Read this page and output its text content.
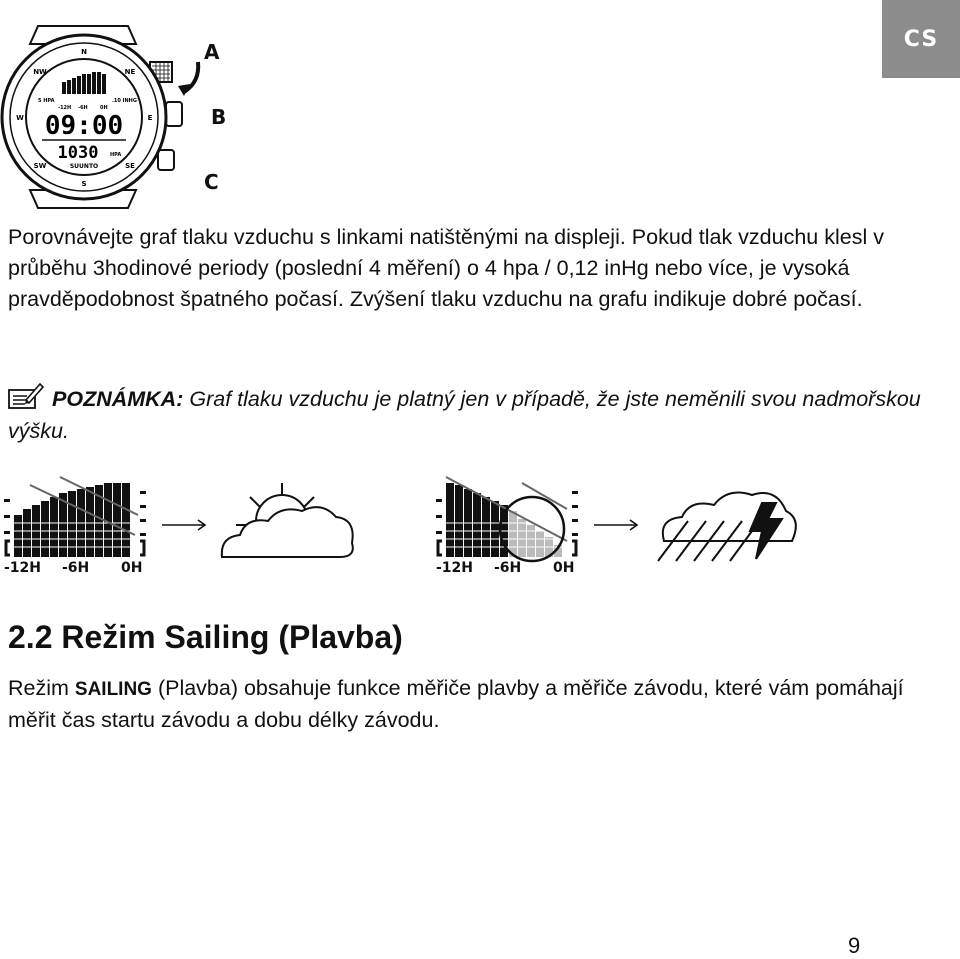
CS
N
NE
E
SE
S
SW
W
NW
5 HPA	.10 INHG
-12H -6H 0H
09:00
1030 HPA
SUUNTO
A
B
C

Porovnávejte graf tlaku vzduchu s linkami natištěnými na displeji. Pokud tlak vzduchu klesl v průběhu 3hodinové periody (poslední 4 měření) o 4 hpa / 0,12 inHg nebo více, je vysoká pravděpodobnost špatného počasí. Zvýšení tlaku vzduchu na grafu indikuje dobré počasí.

POZNÁMKA: Graf tlaku vzduchu je platný jen v případě, že jste neměnili svou nadmořskou výšku.
-12H -6H 0H	-12H -6H 0H
2.2 Režim Sailing (Plavba)

Režim SAILING (Plavba) obsahuje funkce měřiče plavby a měřiče závodu, které vám pomáhají měřit čas startu závodu a dobu délky závodu.

9
